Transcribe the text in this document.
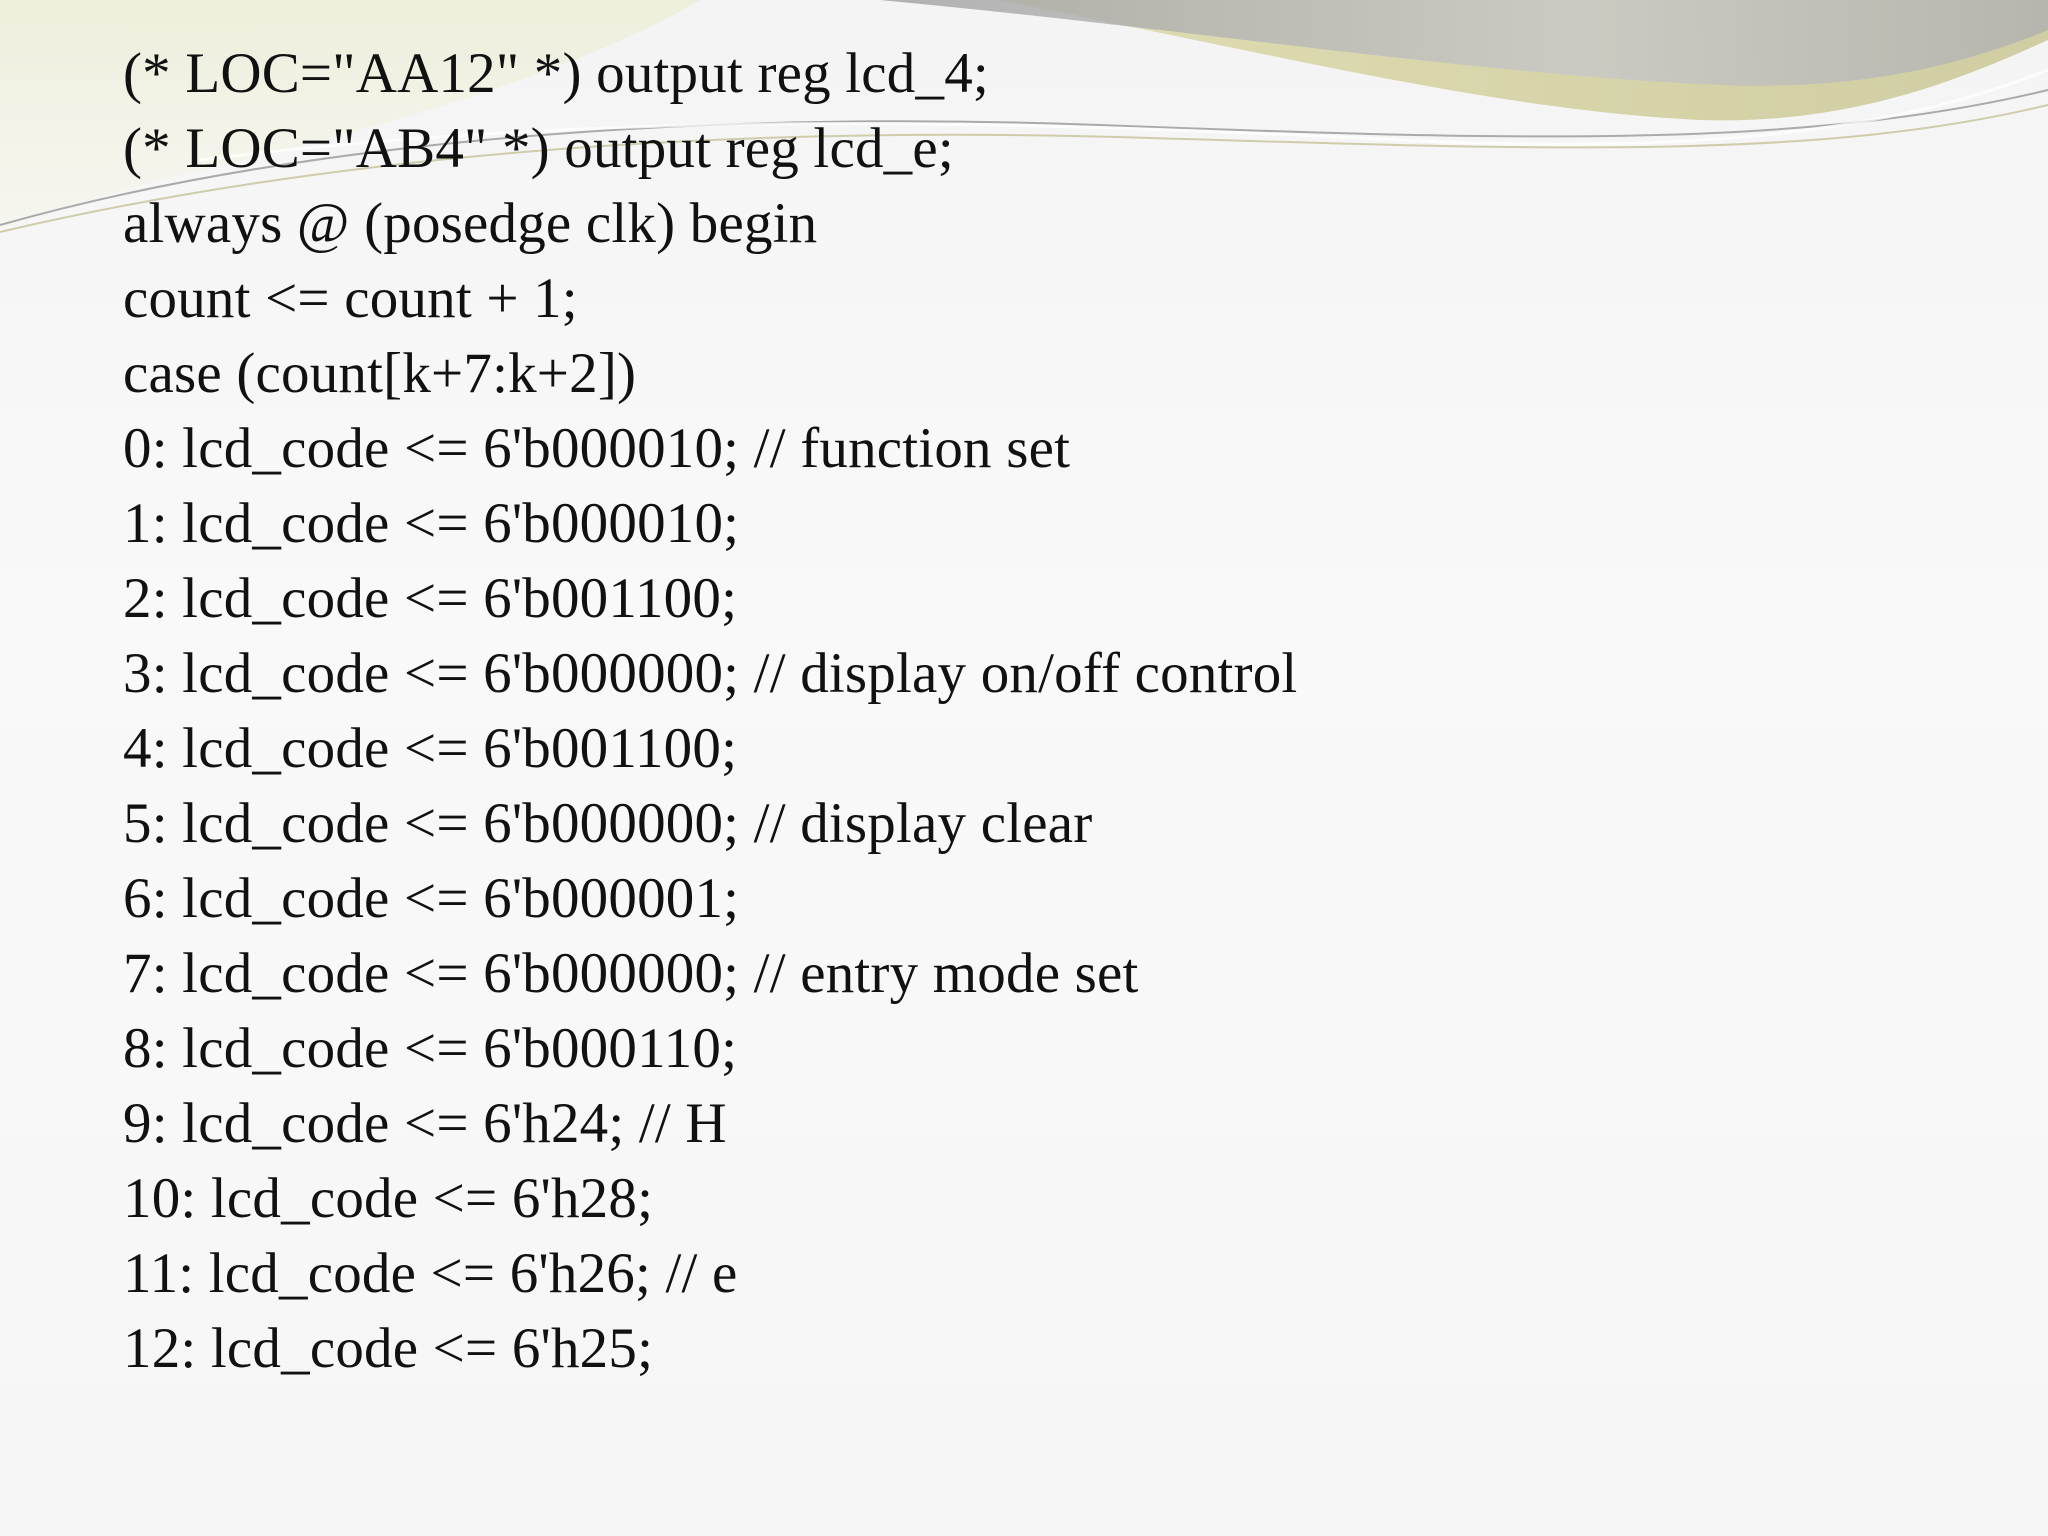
(* LOC="AA12" *) output reg lcd_4;
(* LOC="AB4" *) output reg lcd_e;
always @ (posedge clk) begin
count <= count + 1;
case (count[k+7:k+2])
0: lcd_code <= 6'b000010; // function set
1: lcd_code <= 6'b000010;
2: lcd_code <= 6'b001100;
3: lcd_code <= 6'b000000; // display on/off control
4: lcd_code <= 6'b001100;
5: lcd_code <= 6'b000000; // display clear
6: lcd_code <= 6'b000001;
7: lcd_code <= 6'b000000; // entry mode set
8: lcd_code <= 6'b000110;
9: lcd_code <= 6'h24; // H
10: lcd_code <= 6'h28;
11: lcd_code <= 6'h26; // e
12: lcd_code <= 6'h25;
